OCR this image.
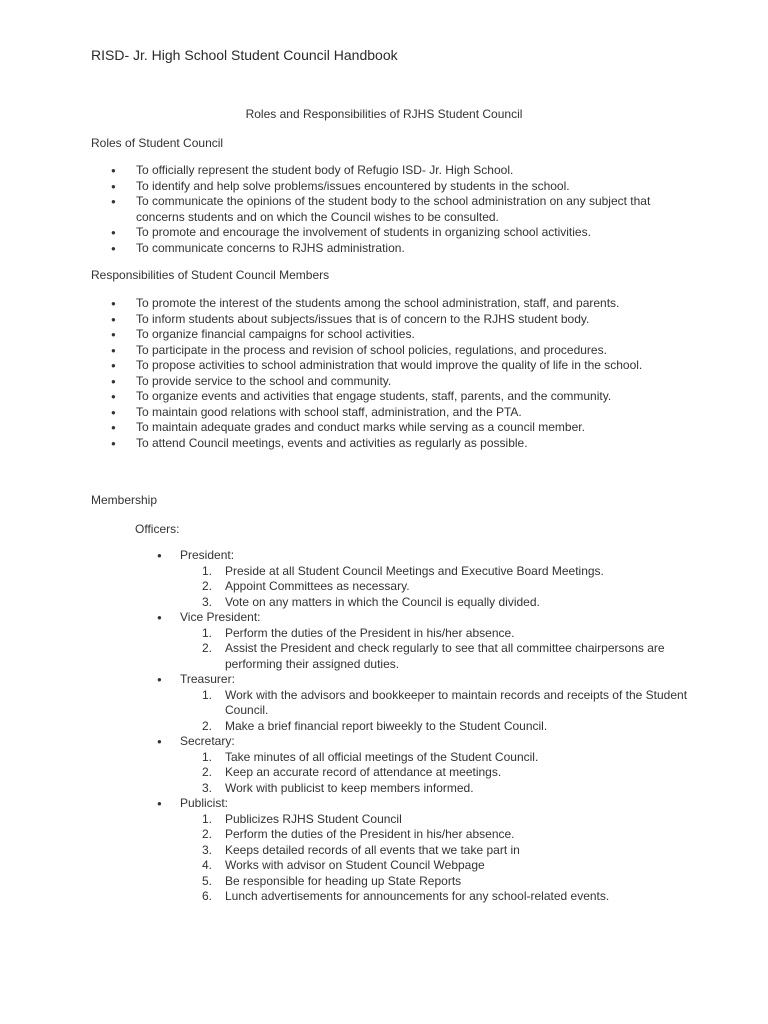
RISD- Jr. High School Student Council Handbook
Roles and Responsibilities of RJHS Student Council
Roles of Student Council
● To officially represent the student body of Refugio ISD- Jr. High School.
● To identify and help solve problems/issues encountered by students in the school.
● To communicate the opinions of the student body to the school administration on any subject that concerns students and on which the Council wishes to be consulted.
● To promote and encourage the involvement of students in organizing school activities.
● To communicate concerns to RJHS administration.
Responsibilities of Student Council Members
● To promote the interest of the students among the school administration, staff, and parents.
● To inform students about subjects/issues that is of concern to the RJHS student body.
● To organize financial campaigns for school activities.
● To participate in the process and revision of school policies, regulations, and procedures.
● To propose activities to school administration that would improve the quality of life in the school.
● To provide service to the school and community.
● To organize events and activities that engage students, staff, parents, and the community.
● To maintain good relations with school staff, administration, and the PTA.
● To maintain adequate grades and conduct marks while serving as a council member.
● To attend Council meetings, events and activities as regularly as possible.
Membership
Officers:
● President:
1. Preside at all Student Council Meetings and Executive Board Meetings.
2. Appoint Committees as necessary.
3. Vote on any matters in which the Council is equally divided.
● Vice President:
1. Perform the duties of the President in his/her absence.
2. Assist the President and check regularly to see that all committee chairpersons are performing their assigned duties.
● Treasurer:
1. Work with the advisors and bookkeeper to maintain records and receipts of the Student Council.
2. Make a brief financial report biweekly to the Student Council.
● Secretary:
1. Take minutes of all official meetings of the Student Council.
2. Keep an accurate record of attendance at meetings.
3. Work with publicist to keep members informed.
● Publicist:
1. Publicizes RJHS Student Council
2. Perform the duties of the President in his/her absence.
3. Keeps detailed records of all events that we take part in
4. Works with advisor on Student Council Webpage
5. Be responsible for heading up State Reports
6. Lunch advertisements for announcements for any school-related events.
